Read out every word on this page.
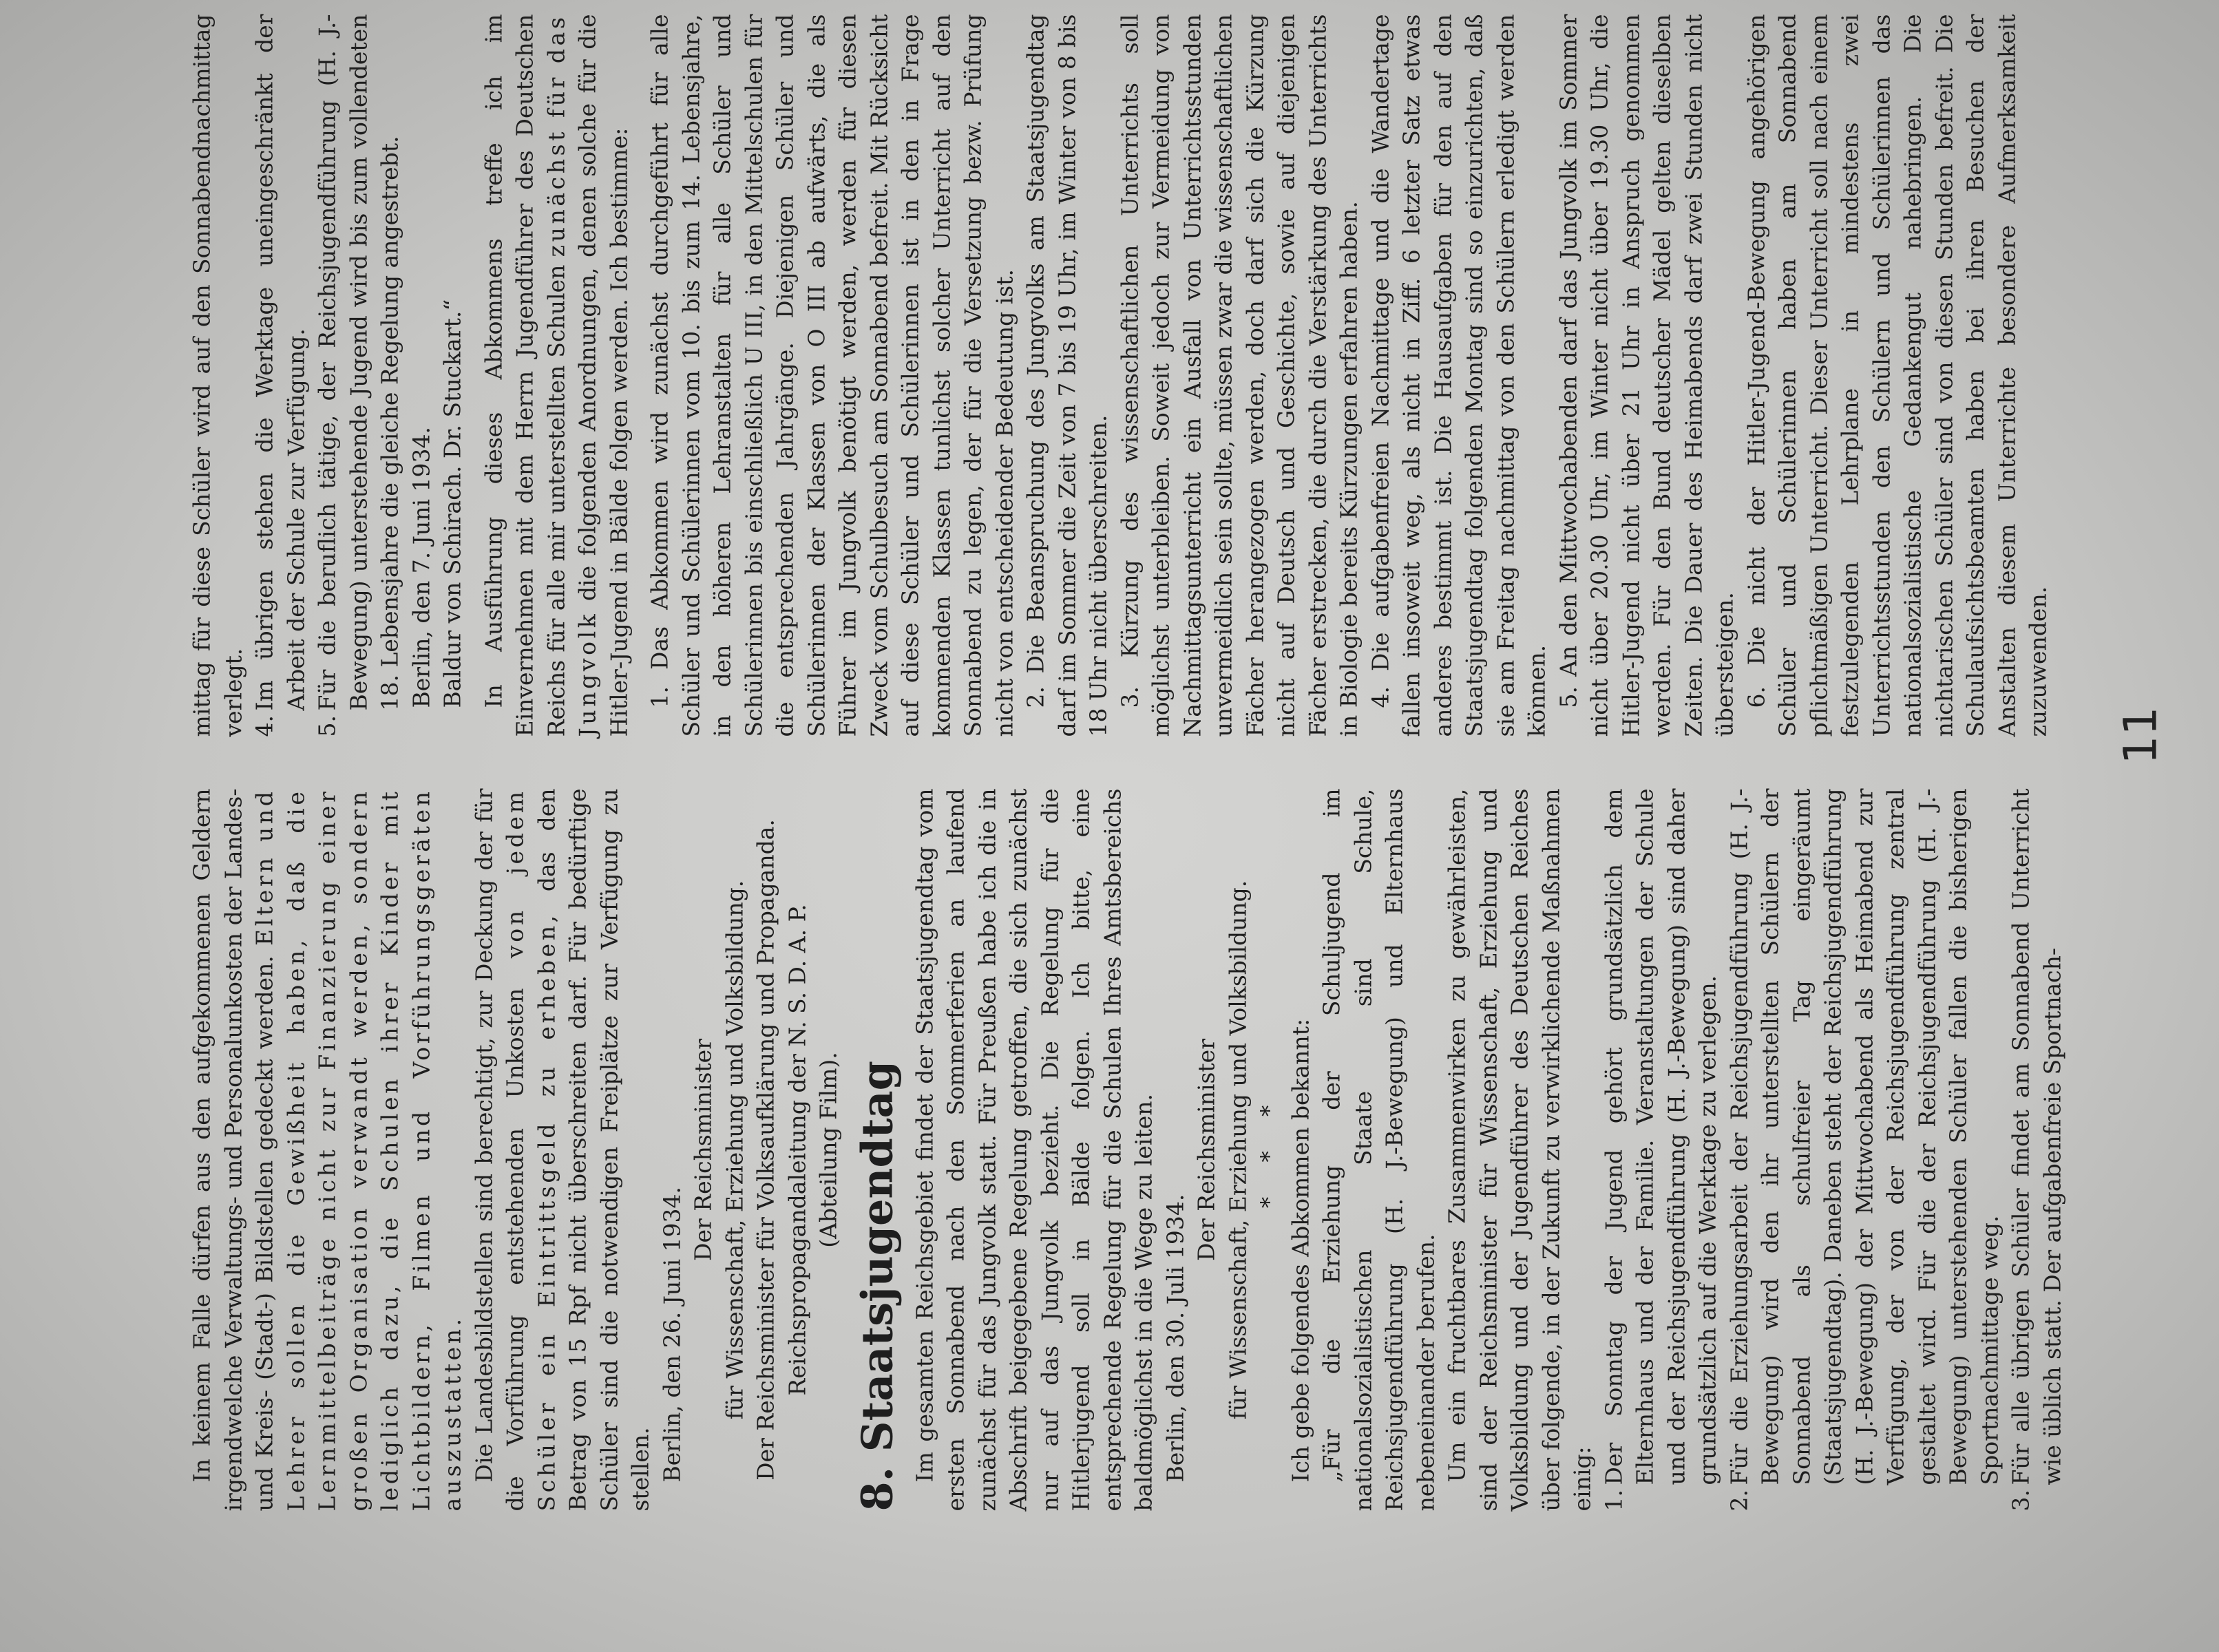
In keinem Falle dürfen aus den aufgekommenen Geldern irgendwelche Verwaltungs- und Personalunkosten der Landes- und Kreis- (Stadt-) Bildstellen gedeckt werden. Eltern und Lehrer sollen die Gewißheit haben, daß die Lernmittelbeiträge nicht zur Finanzierung einer großen Organisation verwandt werden, sondern lediglich dazu, die Schulen ihrer Kinder mit Lichtbildern, Filmen und Vorführungsgeräten auszustatten. Die Landesbildstellen sind berechtigt, zur Deckung der für die Vorführung entstehenden Unkosten von jedem Schüler ein Eintrittsgeld zu erheben, das den Betrag von 15 Rpf nicht überschreiten darf. Für bedürftige Schüler sind die notwendigen Freiplätze zur Verfügung zu stellen. Berlin, den 26. Juni 1934.

Der Reichsminister für Wissenschaft, Erziehung und Volksbildung. Der Reichsminister für Volksaufklärung und Propaganda. Reichspropagandaleitung der N. S. D. A. P. (Abteilung Film). 8. Staatsjugendtag Im gesamten Reichsgebiet findet der Staatsjugendtag vom ersten Sonnabend nach den Sommerferien an laufend zunächst für das Jungvolk statt. Für Preußen habe ich die in Abschrift beigegebene Regelung getroffen, die sich zunächst nur auf das Jungvolk bezieht. Die Regelung für die Hitlerjugend soll in Bälde folgen. Ich bitte, eine entsprechende Regelung für die Schulen Ihres Amtsbereichs baldmöglichst in die Wege zu leiten. Berlin, den 30. Juli 1934.

Der Reichsminister für Wissenschaft, Erziehung und Volksbildung. * * * Ich gebe folgendes Abkommen bekannt: „Für die Erziehung der Schuljugend im nationalsozialistischen Staate sind Schule, Reichsjugendführung (H. J.-Bewegung) und Elternhaus nebeneinander berufen. Um ein fruchtbares Zusammenwirken zu gewährleisten, sind der Reichsminister für Wissenschaft, Erziehung und Volksbildung und der Jugendführer des Deutschen Reiches über folgende, in der Zukunft zu verwirklichende Maßnahmen einig: 1.
Der Sonntag der Jugend gehört grundsätzlich dem Elternhaus und der Familie. Veranstaltungen der Schule und der Reichsjugendführung (H. J.-Bewegung) sind daher grundsätzlich auf die Werktage zu verlegen.
2.
Für die Erziehungsarbeit der Reichsjugendführung (H. J.-Bewegung) wird den ihr unterstellten Schülern der Sonnabend als schulfreier Tag eingeräumt (Staatsjugendtag). Daneben steht der Reichsjugendführung (H. J.-Bewegung) der Mittwochabend als Heimabend zur Verfügung, der von der Reichsjugendführung zentral gestaltet wird. Für die der Reichsjugendführung (H. J.-Bewegung) unterstehenden Schüler fallen die bisherigen Sportnachmittage weg.
3.
Für alle übrigen Schüler findet am Sonnabend Unterricht wie üblich statt. Der aufgabenfreie Sportnach-

mittag für diese Schüler wird auf den Sonnabendnachmittag verlegt. 4.
Im übrigen stehen die Werktage uneingeschränkt der Arbeit der Schule zur Verfügung.
5.
Für die beruflich tätige, der Reichsjugendführung (H. J.-Bewegung) unterstehende Jugend wird bis zum vollendeten 18. Lebensjahre die gleiche Regelung angestrebt. Berlin, den 7. Juni 1934. Baldur von Schirach. Dr. Stuckart.“ In Ausführung dieses Abkommens treffe ich im Einvernehmen mit dem Herrn Jugendführer des Deutschen Reichs für alle mir unterstellten Schulen zunächst für das Jungvolk die folgenden Anordnungen, denen solche für die Hitler-Jugend in Bälde folgen werden. Ich bestimme: 1. Das Abkommen wird zunächst durchgeführt für alle Schüler und Schülerinnen vom 10. bis zum 14. Lebensjahre, in den höheren Lehranstalten für alle Schüler und Schülerinnen bis einschließlich U III, in den Mittelschulen für die entsprechenden Jahrgänge. Diejenigen Schüler und Schülerinnen der Klassen von O III ab aufwärts, die als Führer im Jungvolk benötigt werden, werden für diesen Zweck vom Schulbesuch am Sonnabend befreit. Mit Rücksicht auf diese Schüler und Schülerinnen ist in den in Frage kommenden Klassen tunlichst solcher Unterricht auf den Sonnabend zu legen, der für die Versetzung bezw. Prüfung nicht von entscheidender Bedeutung ist. 2. Die Beanspruchung des Jungvolks am Staatsjugendtag darf im Sommer die Zeit von 7 bis 19 Uhr, im Winter von 8 bis 18 Uhr nicht überschreiten. 3. Kürzung des wissenschaftlichen Unterrichts soll möglichst unterbleiben. Soweit jedoch zur Vermeidung von Nachmittagsunterricht ein Ausfall von Unterrichtsstunden unvermeidlich sein sollte, müssen zwar die wissenschaftlichen Fächer herangezogen werden, doch darf sich die Kürzung nicht auf Deutsch und Geschichte, sowie auf diejenigen Fächer erstrecken, die durch die Verstärkung des Unterrichts in Biologie bereits Kürzungen erfahren haben. 4. Die aufgabenfreien Nachmittage und die Wandertage fallen insoweit weg, als nicht in Ziff. 6 letzter Satz etwas anderes bestimmt ist. Die Hausaufgaben für den auf den Staatsjugendtag folgenden Montag sind so einzurichten, daß sie am Freitag nachmittag von den Schülern erledigt werden können. 5. An den Mittwochabenden darf das Jungvolk im Sommer nicht über 20.30 Uhr, im Winter nicht über 19.30 Uhr, die Hitler-Jugend nicht über 21 Uhr in Anspruch genommen werden. Für den Bund deutscher Mädel gelten dieselben Zeiten. Die Dauer des Heimabends darf zwei Stunden nicht übersteigen. 6. Die nicht der Hitler-Jugend-Bewegung angehörigen Schüler und Schülerinnen haben am Sonnabend pflichtmäßigen Unterricht. Dieser Unterricht soll nach einem festzulegenden Lehrplane in mindestens zwei Unterrichtsstunden den Schülern und Schülerinnen das nationalsozialistische Gedankengut nahebringen. Die nichtarischen Schüler sind von diesen Stunden befreit. Die Schulaufsichtsbeamten haben bei ihren Besuchen der Anstalten diesem Unterrichte besondere Aufmerksamkeit zuzuwenden. 11
